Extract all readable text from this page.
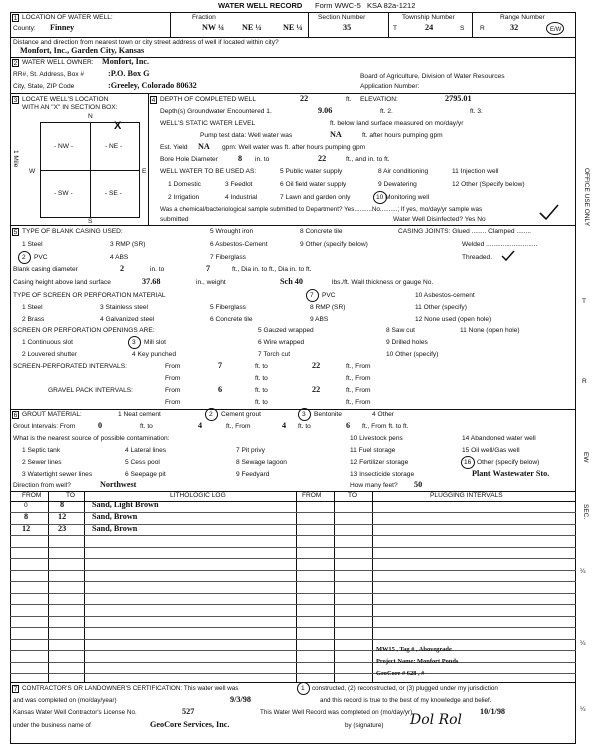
WATER WELL RECORD Form WWC-5 KSA 82a-1212
1 LOCATION OF WATER WELL:
County: Finney
Fraction
NW ¼ NE ¼	NE ¼
Section Number
35
Township Number
T	24	S
Range Number
R	32	E/W
Distance and direction from nearest town or city street address of well if located within city?
Monfort, Inc., Garden City, Kansas
2 WATER WELL OWNER: Monfort, Inc.
RR#, St. Address, Box #	:P.O. Box G
City, State, ZIP Code	:Greeley, Colorado 80632
Board of Agriculture, Division of Water Resources
Application Number:
3 LOCATE WELL'S LOCATION
WITH AN "X" IN SECTION BOX:
N
S
W	E
- NW -	- NE -
- SW -	- SE -
X
1 Mile
4 DEPTH OF COMPLETED WELL	22	ft. ELEVATION:	2795.01
Depth(s) Groundwater Encountered 1.	9.06	ft. 2.	ft. 3.
WELL'S STATIC WATER LEVEL	ft. below land surface measured on mo/day/yr
Pump test data: Well water was	NA	ft. after hours pumping gpm
Est. Yield NA gpm: Well water was ft. after hours pumping gpm
Bore Hole Diameter 8 in. to	22	ft., and in. to ft.
WELL WATER TO BE USED AS:	5 Public water supply	8 Air conditioning	11 Injection well
1 Domestic	3 Feedlot	6 Oil field water supply	9 Dewatering	12 Other (Specify below)
2 Irrigation	4 Industrial	7 Lawn and garden only	10 Monitoring well
Was a chemical/bacteriological sample submitted to Department? Yes..........No..........; If yes, mo/day/yr sample was
submitted	Water Well Disinfected? Yes No
5 TYPE OF BLANK CASING USED:	5 Wrought iron	8 Concrete tile	CASING JOINTS: Glued ........ Clamped ........
1 Steel	3 RMP (SR)	6 Asbestos-Cement	9 Other (specify below)	Welded ............................
2 PVC	4 ABS	7 Fiberglass	Threaded.
Blank casing diameter	2	in. to	7	ft., Dia in. to ft., Dia in. to ft.
Casing height above land surface	37.68	in., weight	Sch 40	lbs./ft. Wall thickness or gauge No.
TYPE OF SCREEN OR PERFORATION MATERIAL	7 PVC	10 Asbestos-cement
1 Steel	3 Stainless steel	5 Fiberglass	8 RMP (SR)	11 Other (specify)
2 Brass	4 Galvanized steel	6 Concrete tile	9 ABS	12 None used (open hole)
SCREEN OR PERFORATION OPENINGS ARE:	5 Gauzed wrapped	8 Saw cut	11 None (open hole)
1 Continuous slot	3 Mill slot	6 Wire wrapped	9 Drilled holes
2 Louvered shutter	4 Key punched	7 Torch cut	10 Other (specify)
SCREEN-PERFORATED INTERVALS:	From	7	ft. to	22	ft., From
From	ft. to	ft., From
GRAVEL PACK INTERVALS:	From	6	ft. to	22	ft., From
From	ft. to	ft., From
6 GROUT MATERIAL:	1 Neat cement	2 Cement grout	3 Bentonite	4 Other
Grout Intervals: From	0	ft. to	4	ft., From	4 ft. to	6 ft., From ft. to ft.
What is the nearest source of possible contamination:	10 Livestock pens	14 Abandoned water well
1 Septic tank	4 Lateral lines	7 Pit privy	11 Fuel storage	15 Oil well/Gas well
2 Sewer lines	5 Cess pool	8 Sewage lagoon	12 Fertilizer storage	16 Other (specify below)
3 Watertight sewer lines	6 Seepage pit	9 Feedyard	13 Insecticide storage	Plant Wastewater Sto.
Direction from well?	Northwest	How many feet? 50
FROM	TO	LITHOLOGIC LOG	FROM	TO	PLUGGING INTERVALS
0	8	Sand, Light Brown
8	12	Sand, Brown
12	23	Sand, Brown
MW15 , Tag # , Abovegrade
Project Name: Monfort Ponds
GeoCore # 628 , #
7 CONTRACTOR'S OR LANDOWNER'S CERTIFICATION: This water well was	1 constructed, (2) reconstructed, or (3) plugged under my jurisdiction
and was completed on (mo/day/year)	9/3/98	and this record is true to the best of my knowledge and belief.
Kansas Water Well Contractor's License No.	527	This Water Well Record was completed on (mo/day/yr)	10/1/98
under the business name of	GeoCore Services, Inc.	by (signature) Dol Rol
OFFICE USE ONLY
T
R
EW
SEC.
¼
¼
¼
